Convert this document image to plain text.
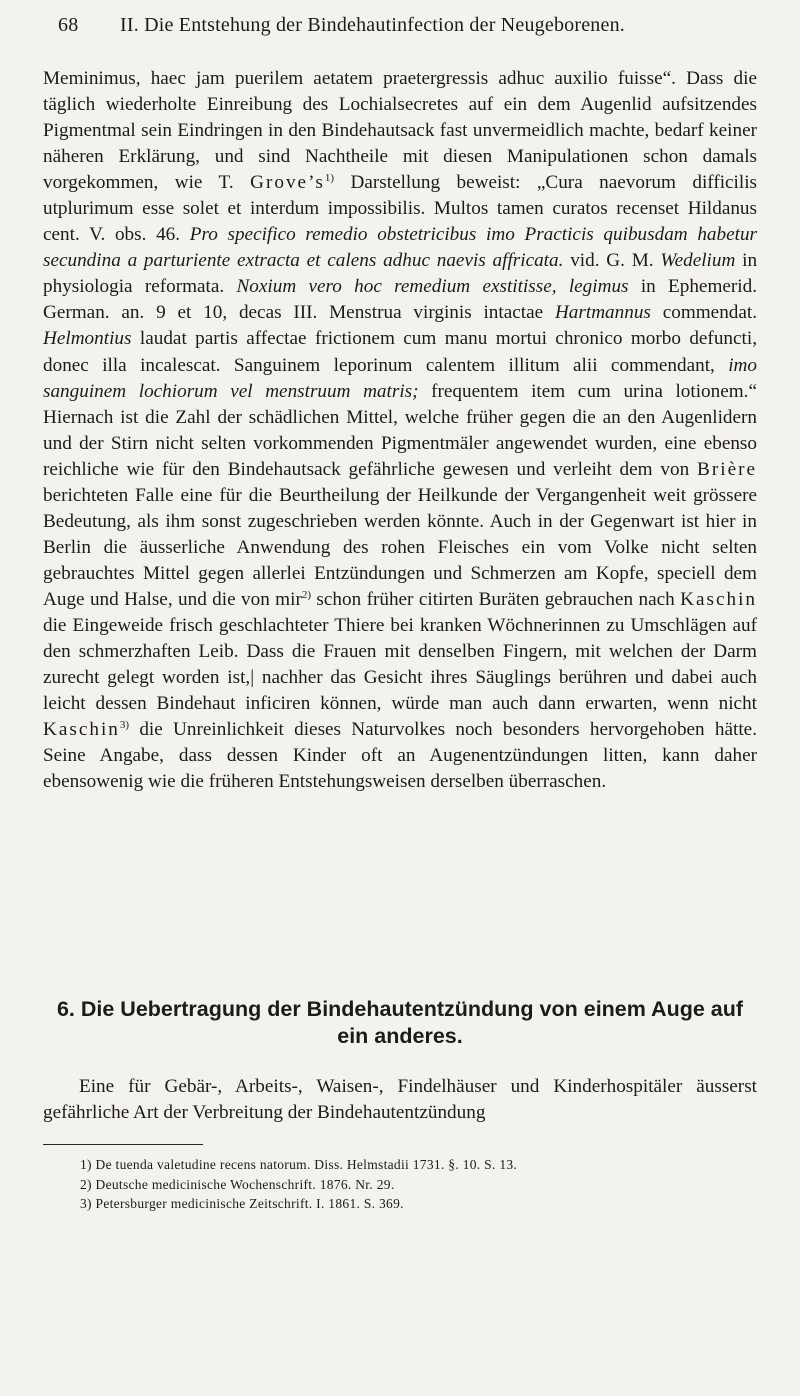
68 II. Die Entstehung der Bindehautinfection der Neugeborenen.

Meminimus, haec jam puerilem aetatem praetergressis adhuc auxilio fuisse“. Dass die täglich wiederholte Einreibung des Lochialsecretes auf ein dem Augenlid aufsitzendes Pigmentmal sein Eindringen in den Bindehautsack fast unvermeidlich machte, bedarf keiner näheren Erklärung, und sind Nachtheile mit diesen Manipulationen schon damals vorgekommen, wie T. $Grove’s^{1)}$ Darstellung beweist: „Cura naevorum difficilis utplurimum esse solet et interdum impossibilis. Multos tamen curatos recenset Hildanus cent. V. obs. 46. Pro specifico remedio obstetricibus imo Practicis quibusdam habetur secundina a parturiente extracta et calens adhuc naevis affricata. vid. G. M. Wedelium in physiologia reformata. Noxium vero hoc remedium exstitisse, legimus in Ephemerid. German. an. 9 et 10, decas III. Menstrua virginis intactae Hartmannus commendat. Helmontius laudat partis affectae frictionem cum manu mortui chronico morbo defuncti, donec illa incalescat. Sanguinem leporinum calentem illitum alii commendant, imo sanguinem lochiorum vel menstruum matris; frequentem item cum urina lotionem.“ Hiernach ist die Zahl der schädlichen Mittel, welche früher gegen die an den Augenlidern und der Stirn nicht selten vorkommenden Pigmentmäler angewendet wurden, eine ebenso reichliche wie für den Bindehautsack gefährliche gewesen und verleiht dem von Brière berichteten Falle eine für die Beurtheilung der Heilkunde der Vergangenheit weit grössere Bedeutung, als ihm sonst zugeschrieben werden könnte. Auch in der Gegenwart ist hier in Berlin die äusserliche Anwendung des rohen Fleisches ein vom Volke nicht selten gebrauchtes Mittel gegen allerlei Entzündungen und Schmerzen am Kopfe, speciell dem Auge und Halse, und die von mir$^{2)}$ schon früher citirten Buräten gebrauchen nach Kaschin die Eingeweide frisch geschlachteter Thiere bei kranken Wöchnerinnen zu Umschlägen auf den schmerzhaften Leib. Dass die Frauen mit denselben Fingern, mit welchen der Darm zurecht gelegt worden ist,| nachher das Gesicht ihres Säuglings berühren und dabei auch leicht dessen Bindehaut inficiren können, würde man auch dann erwarten, wenn nicht Kaschin$^{3)}$ die Unreinlichkeit dieses Naturvolkes noch besonders hervorgehoben hätte. Seine Angabe, dass dessen Kinder oft an Augenentzündungen litten, kann daher ebensowenig wie die früheren Entstehungsweisen derselben überraschen.

6. Die Uebertragung der Bindehautentzündung von einem Auge auf ein anderes.
Eine für Gebär-, Arbeits-, Waisen-, Findelhäuser und Kinderhospitäler äusserst gefährliche Art der Verbreitung der Bindehautentzündung
1) De tuenda valetudine recens natorum. Diss. Helmstadii 1731. §. 10. S. 13.
2) Deutsche medicinische Wochenschrift. 1876. Nr. 29.
3) Petersburger medicinische Zeitschrift. I. 1861. S. 369.
